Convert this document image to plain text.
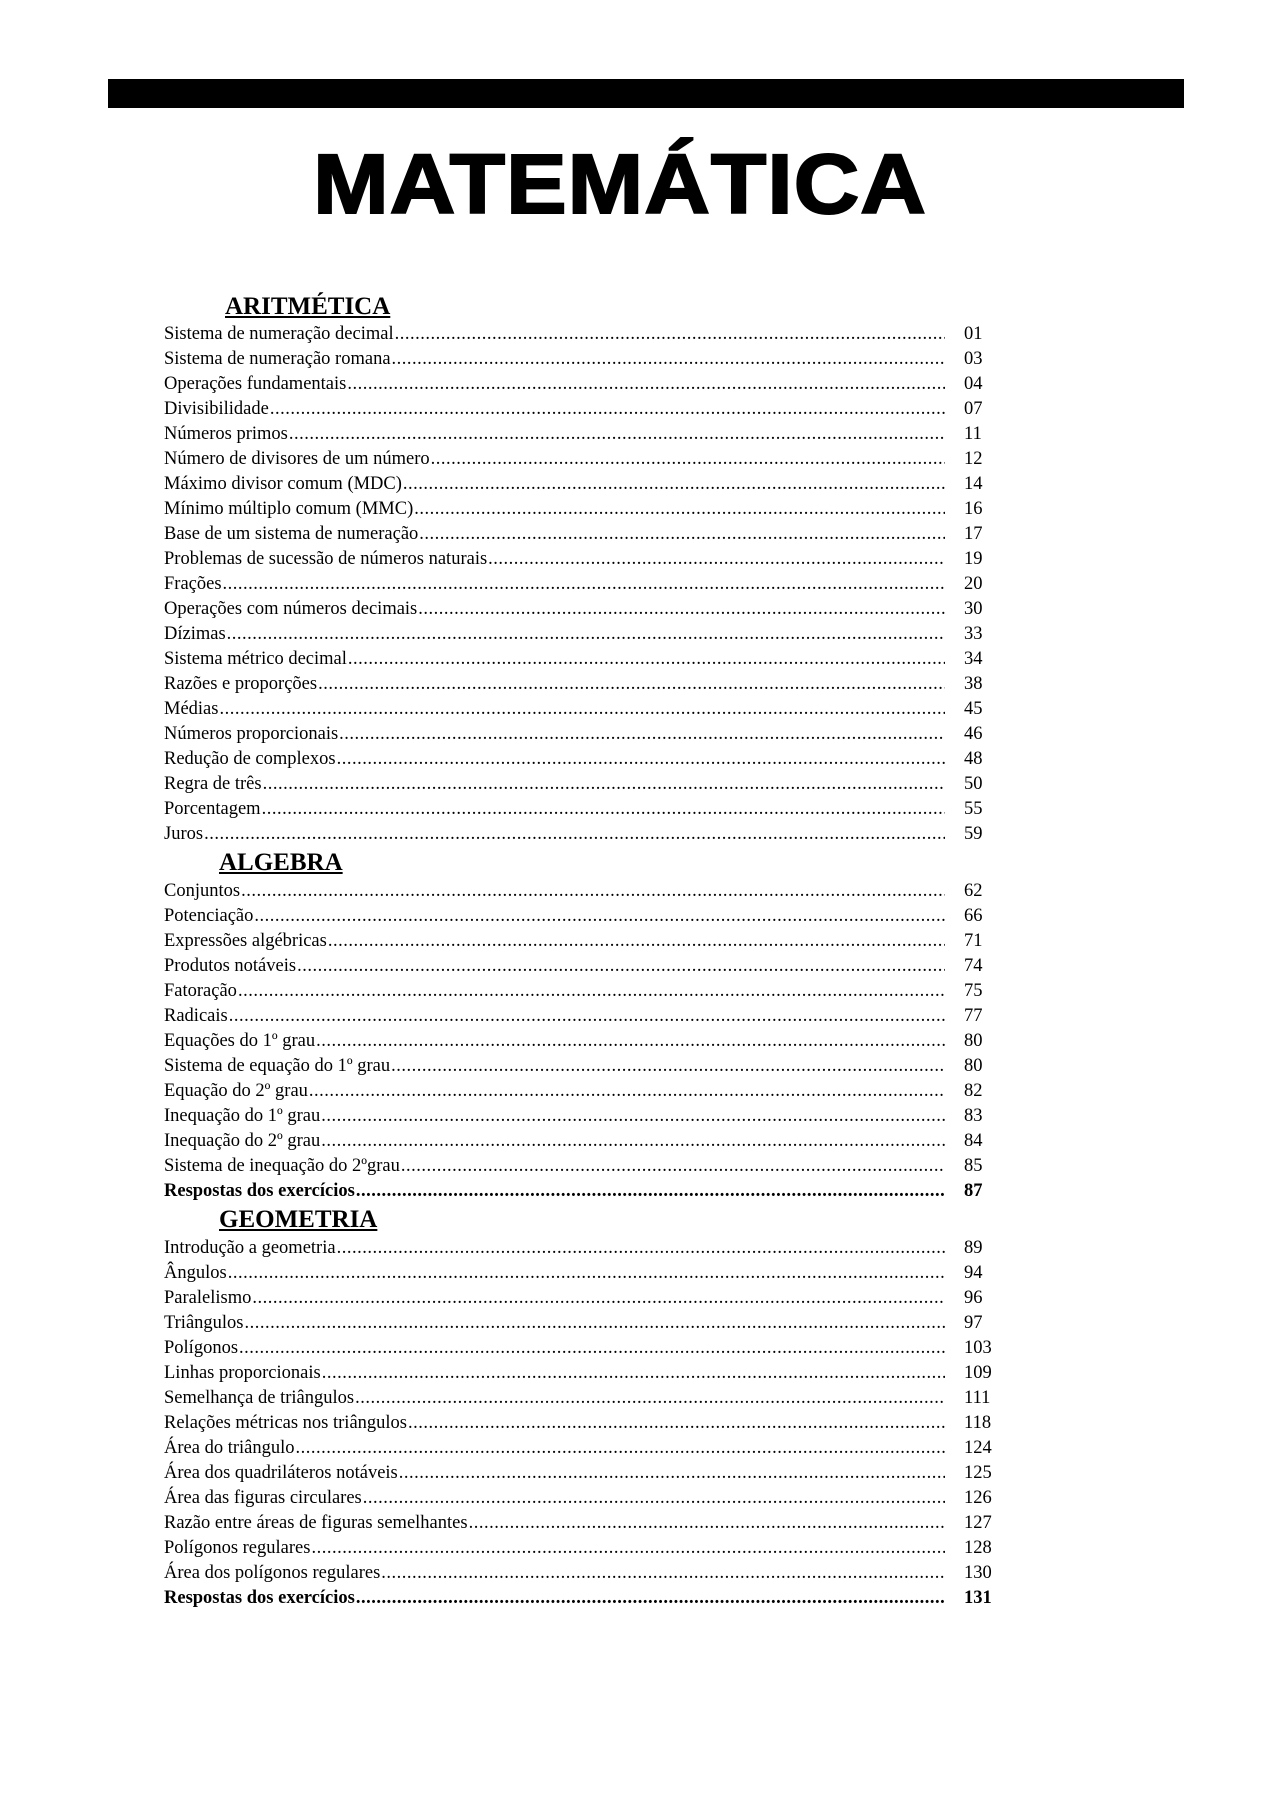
MATEMÁTICA
ARITMÉTICA
Sistema de numeração decimal .....	01
Sistema de numeração romana .....	03
Operações fundamentais .....	04
Divisibilidade .....	07
Números primos .....	11
Número de divisores de um número .....	12
Máximo divisor comum (MDC) .....	14
Mínimo múltiplo comum (MMC) .....	16
Base de um sistema de numeração .....	17
Problemas de sucessão de números naturais .....	19
Frações .....	20
Operações com números decimais .....	30
Dízimas .....	33
Sistema métrico decimal .....	34
Razões e proporções .....	38
Médias .....	45
Números proporcionais .....	46
Redução de complexos .....	48
Regra de três .....	50
Porcentagem .....	55
Juros .....	59
ALGEBRA
Conjuntos .....	62
Potenciação .....	66
Expressões algébricas .....	71
Produtos notáveis .....	74
Fatoração .....	75
Radicais .....	77
Equações do 1º grau .....	80
Sistema de equação do 1º grau .....	80
Equação do 2º grau .....	82
Inequação do 1º grau .....	83
Inequação do 2º grau .....	84
Sistema de inequação do 2ºgrau .....	85
Respostas dos exercícios .....	87
GEOMETRIA
Introdução a geometria .....	89
Ângulos .....	94
Paralelismo .....	96
Triângulos .....	97
Polígonos .....	103
Linhas proporcionais .....	109
Semelhança de triângulos .....	111
Relações métricas nos triângulos .....	118
Área do triângulo .....	124
Área dos quadriláteros notáveis .....	125
Área das figuras circulares .....	126
Razão entre áreas de figuras semelhantes .....	127
Polígonos regulares .....	128
Área dos polígonos regulares .....	130
Respostas dos exercícios .....	131
